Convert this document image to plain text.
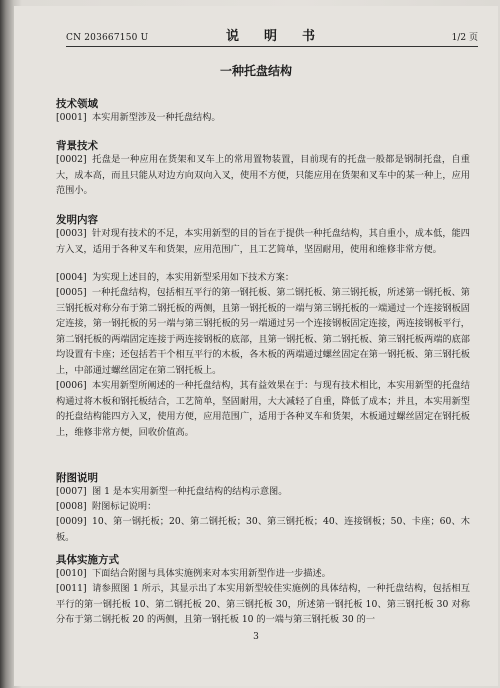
CN 203667150 U	说　明　书	1/2 页
一种托盘结构
技术领域
[0001] 本实用新型涉及一种托盘结构。
背景技术
[0002] 托盘是一种应用在货架和叉车上的常用置物装置，目前现有的托盘一般都是钢制托盘，自重大，成本高，而且只能从对边方向双向入叉，使用不方便，只能应用在货架和叉车中的某一种上，应用范围小。
发明内容
[0003] 针对现有技术的不足，本实用新型的目的旨在于提供一种托盘结构，其自重小，成本低，能四方入叉，适用于各种叉车和货架，应用范围广，且工艺简单，坚固耐用，使用和维修非常方便。
[0004] 为实现上述目的，本实用新型采用如下技术方案：
[0005] 一种托盘结构，包括相互平行的第一钢托板、第二钢托板、第三钢托板，所述第一钢托板、第三钢托板对称分布于第二钢托板的两侧，且第一钢托板的一端与第三钢托板的一端通过一个连接钢板固定连接，第一钢托板的另一端与第三钢托板的另一端通过另一个连接钢板固定连接，两连接钢板平行，第二钢托板的两端固定连接于两连接钢板的底部，且第一钢托板、第二钢托板、第三钢托板两端的底部均设置有卡座；还包括若干个相互平行的木板，各木板的两端通过螺丝固定在第一钢托板、第三钢托板上，中部通过螺丝固定在第二钢托板上。
[0006] 本实用新型所阐述的一种托盘结构，其有益效果在于：与现有技术相比，本实用新型的托盘结构通过将木板和钢托板结合，工艺简单，坚固耐用，大大减轻了自重，降低了成本；并且，本实用新型的托盘结构能四方入叉，使用方便，应用范围广，适用于各种叉车和货架，木板通过螺丝固定在钢托板上，维修非常方便，回收价值高。
附图说明
[0007] 图 1 是本实用新型一种托盘结构的结构示意图。
[0008] 附图标记说明：
[0009] 10、第一钢托板；20、第二钢托板；30、第三钢托板；40、连接钢板；50、卡座；60、木板。
具体实施方式
[0010] 下面结合附图与具体实施例来对本实用新型作进一步描述。
[0011] 请参照图 1 所示，其显示出了本实用新型较佳实施例的具体结构，一种托盘结构，包括相互平行的第一钢托板 10、第二钢托板 20、第三钢托板 30，所述第一钢托板 10、第三钢托板 30 对称分布于第二钢托板 20 的两侧，且第一钢托板 10 的一端与第三钢托板 30 的一
3
